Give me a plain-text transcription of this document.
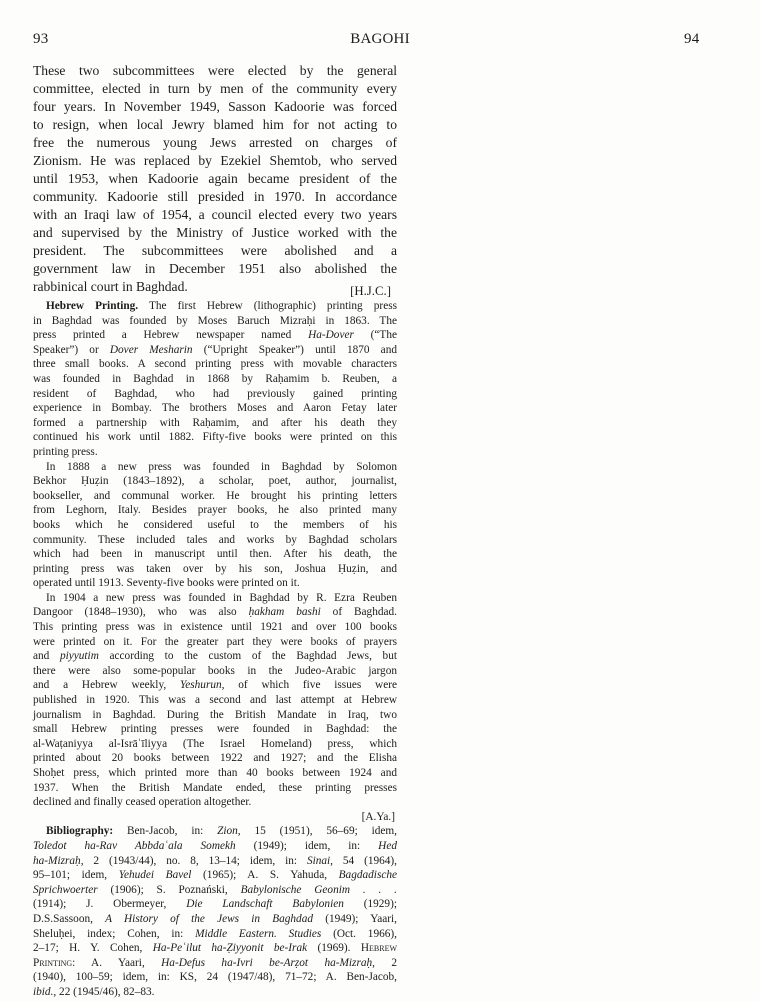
93	BAGOHI	94
These two subcommittees were elected by the general
committee, elected in turn by men of the community every
four years. In November 1949, Sasson Kadoorie was forced
to resign, when local Jewry blamed him for not acting to
free the numerous young Jews arrested on charges of
Zionism. He was replaced by Ezekiel Shemtob, who served
until 1953, when Kadoorie again became president of the
community. Kadoorie still presided in 1970. In accordance
with an Iraqi law of 1954, a council elected every two years
and supervised by the Ministry of Justice worked with the
president. The subcommittees were abolished and a
government law in December 1951 also abolished the
rabbinical court in Baghdad.	[H.J.C.]
Hebrew Printing. The first Hebrew (lithographic) printing press
in Baghdad was founded by Moses Baruch Mizraḥi in 1863. The
press printed a Hebrew newspaper named Ha-Dover (“The
Speaker”) or Dover Mesharin (“Upright Speaker”) until 1870 and
three small books. A second printing press with movable characters
was founded in Baghdad in 1868 by Raḥamim b. Reuben, a
resident of Baghdad, who had previously gained printing
experience in Bombay. The brothers Moses and Aaron Fetay later
formed a partnership with Raḥamim, and after his death they
continued his work until 1882. Fifty-five books were printed on this
printing press.
In 1888 a new press was founded in Baghdad by Solomon
Bekhor Ḥuẓin (1843–1892), a scholar, poet, author, journalist,
bookseller, and communal worker. He brought his printing letters
from Leghorn, Italy. Besides prayer books, he also printed many
books which he considered useful to the members of his
community. These included tales and works by Baghdad scholars
which had been in manuscript until then. After his death, the
printing press was taken over by his son, Joshua Ḥuẓin, and
operated until 1913. Seventy-five books were printed on it.
In 1904 a new press was founded in Baghdad by R. Ezra Reuben
Dangoor (1848–1930), who was also ḥakham bashi of Baghdad.
This printing press was in existence until 1921 and over 100 books
were printed on it. For the greater part they were books of prayers
and piyyutim according to the custom of the Baghdad Jews, but
there were also some-popular books in the Judeo-Arabic jargon
and a Hebrew weekly, Yeshurun, of which five issues were
published in 1920. This was a second and last attempt at Hebrew
journalism in Baghdad. During the British Mandate in Iraq, two
small Hebrew printing presses were founded in Baghdad: the
al-Waṭaniyya al-Isrāʾīliyya (The Israel Homeland) press, which
printed about 20 books between 1922 and 1927; and the Elisha
Shoḥet press, which printed more than 40 books between 1924 and
1937. When the British Mandate ended, these printing presses
declined and finally ceased operation altogether.
[A.Ya.]
Bibliography: Ben-Jacob, in: Zion, 15 (1951), 56–69; idem,
Toledot ha-Rav Abbdaʿala Somekh (1949); idem, in: Hed
ha-Mizraḥ, 2 (1943/44), no. 8, 13–14; idem, in: Sinai, 54 (1964),
95–101; idem, Yehudei Bavel (1965); A. S. Yahuda, Bagdadische
Sprichwoerter (1906); S. Poznański, Babylonische Geonim . . .
(1914); J. Obermeyer, Die Landschaft Babylonien (1929);
D.S.Sassoon, A History of the Jews in Baghdad (1949); Yaari,
Sheluḥei, index; Cohen, in: Middle Eastern. Studies (Oct. 1966),
2–17; H. Y. Cohen, Ha-Peʿilut ha-Ẓiyyonit be-Irak (1969). Hebrew
Printing: A. Yaari, Ha-Defus ha-Ivri be-Arẓot ha-Mizraḥ, 2
(1940), 100–59; idem, in: KS, 24 (1947/48), 71–72; A. Ben-Jacob,
ibid., 22 (1945/46), 82–83.
